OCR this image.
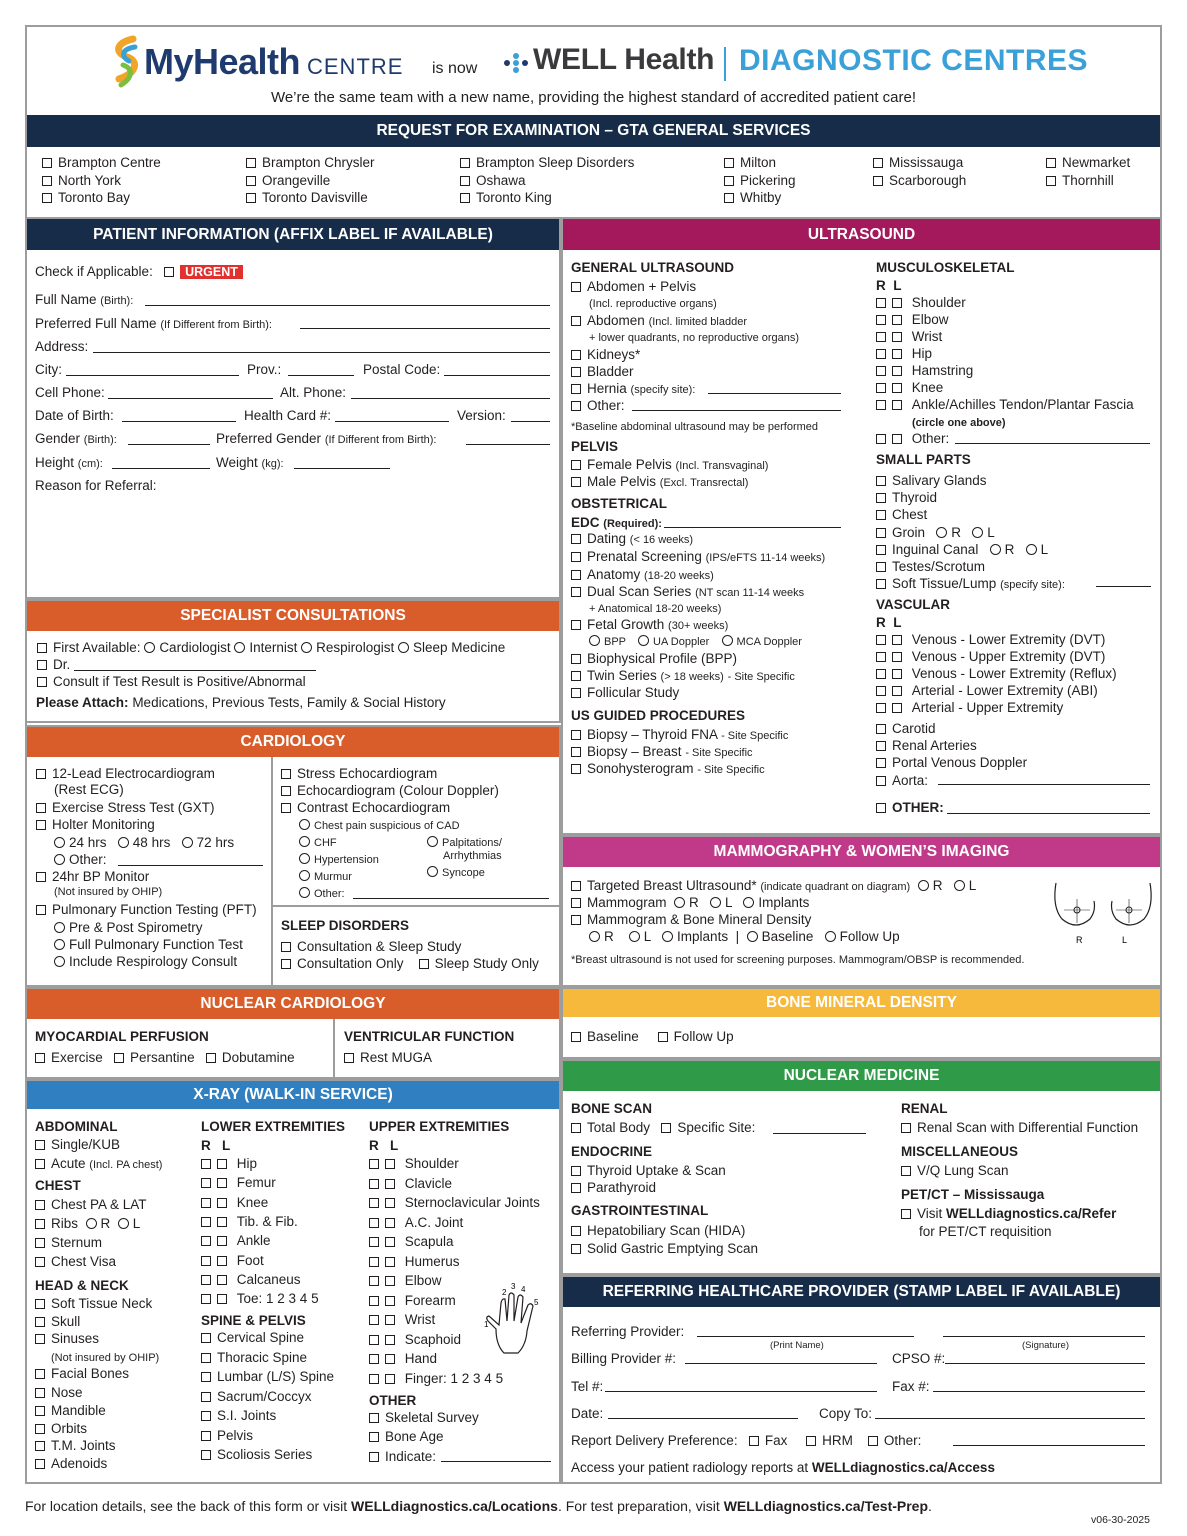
MyHealth CENTRE is now WELL Health DIAGNOSTIC CENTRES
We’re the same team with a new name, providing the highest standard of accredited patient care!
REQUEST FOR EXAMINATION – GTA GENERAL SERVICES
Brampton Centre
North York
Toronto Bay
Brampton Chrysler
Orangeville
Toronto Davisville
Brampton Sleep Disorders
Oshawa
Toronto King
Milton
Pickering
Whitby
Mississauga
Scarborough
Newmarket
Thornhill
PATIENT INFORMATION (AFFIX LABEL IF AVAILABLE)
Check if Applicable:	URGENT
Full Name (Birth):
Preferred Full Name (If Different from Birth):
Address:
City:	Prov.:	Postal Code:
Cell Phone:	Alt. Phone:
Date of Birth:	Health Card #:	Version:
Gender (Birth):	Preferred Gender (If Different from Birth):
Height (cm):	Weight (kg):
Reason for Referral:
SPECIALIST CONSULTATIONS
First Available: Cardiologist Internist Respirologist Sleep Medicine
Dr.
Consult if Test Result is Positive/Abnormal
Please Attach: Medications, Previous Tests, Family & Social History
CARDIOLOGY
12-Lead Electrocardiogram
(Rest ECG)
Exercise Stress Test (GXT)
Holter Monitoring
24 hrs 48 hrs 72 hrs
Other:
24hr BP Monitor
(Not insured by OHIP)
Pulmonary Function Testing (PFT)
Pre & Post Spirometry
Full Pulmonary Function Test
Include Respirology Consult
Stress Echocardiogram
Echocardiogram (Colour Doppler)
Contrast Echocardiogram
Chest pain suspicious of CAD
CHF	Palpitations/
Arrhythmias
Hypertension
Syncope
Murmur
Other:
SLEEP DISORDERS
Consultation & Sleep Study
Consultation Only Sleep Study Only
NUCLEAR CARDIOLOGY
MYOCARDIAL PERFUSION
Exercise Persantine Dobutamine
VENTRICULAR FUNCTION
Rest MUGA
X-RAY (WALK-IN SERVICE)
ABDOMINAL
Single/KUB
Acute (Incl. PA chest)
CHEST
Chest PA & LAT
Ribs R L
Sternum
Chest Visa
HEAD & NECK
Soft Tissue Neck
Skull
Sinuses
Facial Bones
Nose
Mandible
Orbits
T.M. Joints
Adenoids
(Not insured by OHIP)
LOWER EXTREMITIES
R L
Hip
Femur
Knee
Tib. & Fib.
Ankle
Foot
Calcaneus
Toe: 1 2 3 4 5
SPINE & PELVIS
Cervical Spine
Thoracic Spine
Lumbar (L/S) Spine
Sacrum/Coccyx
S.I. Joints
Pelvis
Scoliosis Series
UPPER EXTREMITIES
R L
Shoulder
Clavicle
Sternoclavicular Joints
A.C. Joint
Scapula
Humerus
Elbow
Forearm
Wrist
Scaphoid
Hand
Finger: 1 2 3 4 5
OTHER
Skeletal Survey
Bone Age
Indicate:
2
3 4
5
1
ULTRASOUND
GENERAL ULTRASOUND
Abdomen + Pelvis
(Incl. reproductive organs)
Abdomen (Incl. limited bladder
+ lower quadrants, no reproductive organs)
Kidneys*
Bladder
Hernia (specify site):
Other:
*Baseline abdominal ultrasound may be performed
PELVIS
Female Pelvis (Incl. Transvaginal)
Male Pelvis (Excl. Transrectal)
OBSTETRICAL
EDC (Required):
Dating (< 16 weeks)
Prenatal Screening (IPS/eFTS 11-14 weeks)
Anatomy (18-20 weeks)
Dual Scan Series (NT scan 11-14 weeks
+ Anatomical 18-20 weeks)
Fetal Growth (30+ weeks)
BPP UA Doppler MCA Doppler
Biophysical Profile (BPP)
Twin Series (> 18 weeks) - Site Specific
Follicular Study
US GUIDED PROCEDURES
Biopsy – Thyroid FNA - Site Specific
Biopsy – Breast - Site Specific
Sonohysterogram - Site Specific
MUSCULOSKELETAL
R L
Shoulder
Elbow
Wrist
Hip
Hamstring
Knee
Ankle/Achilles Tendon/Plantar Fascia
(circle one above)
Other:
SMALL PARTS
Salivary Glands
Thyroid
Chest
Groin R L
Inguinal Canal R L
Testes/Scrotum
Soft Tissue/Lump (specify site):
VASCULAR
R L
Venous - Lower Extremity (DVT)
Venous - Upper Extremity (DVT)
Venous - Lower Extremity (Reflux)
Arterial - Lower Extremity (ABI)
Arterial - Upper Extremity
Carotid
Renal Arteries
Portal Venous Doppler
Aorta:
OTHER:
MAMMOGRAPHY & WOMEN’S IMAGING
Targeted Breast Ultrasound* (indicate quadrant on diagram) R L
Mammogram R L Implants
Mammogram & Bone Mineral Density
R L Implants  |  Baseline Follow Up
*Breast ultrasound is not used for screening purposes. Mammogram/OBSP is recommended.
R	L
BONE MINERAL DENSITY
Baseline	Follow Up
NUCLEAR MEDICINE
BONE SCAN
Total Body Specific Site:
ENDOCRINE
Thyroid Uptake & Scan
Parathyroid
GASTROINTESTINAL
Hepatobiliary Scan (HIDA)
Solid Gastric Emptying Scan
RENAL
Renal Scan with Differential Function
MISCELLANEOUS
V/Q Lung Scan
PET/CT – Mississauga
Visit WELLdiagnostics.ca/Refer
for PET/CT requisition
REFERRING HEALTHCARE PROVIDER (STAMP LABEL IF AVAILABLE)
Referring Provider:
(Print Name)	(Signature)
Billing Provider #:	CPSO #:
Tel #:	Fax #:
Date:	Copy To:
Report Delivery Preference: Fax	HRM Other:
Access your patient radiology reports at WELLdiagnostics.ca/Access
For location details, see the back of this form or visit WELLdiagnostics.ca/Locations. For test preparation, visit WELLdiagnostics.ca/Test-Prep.
v06-30-2025
